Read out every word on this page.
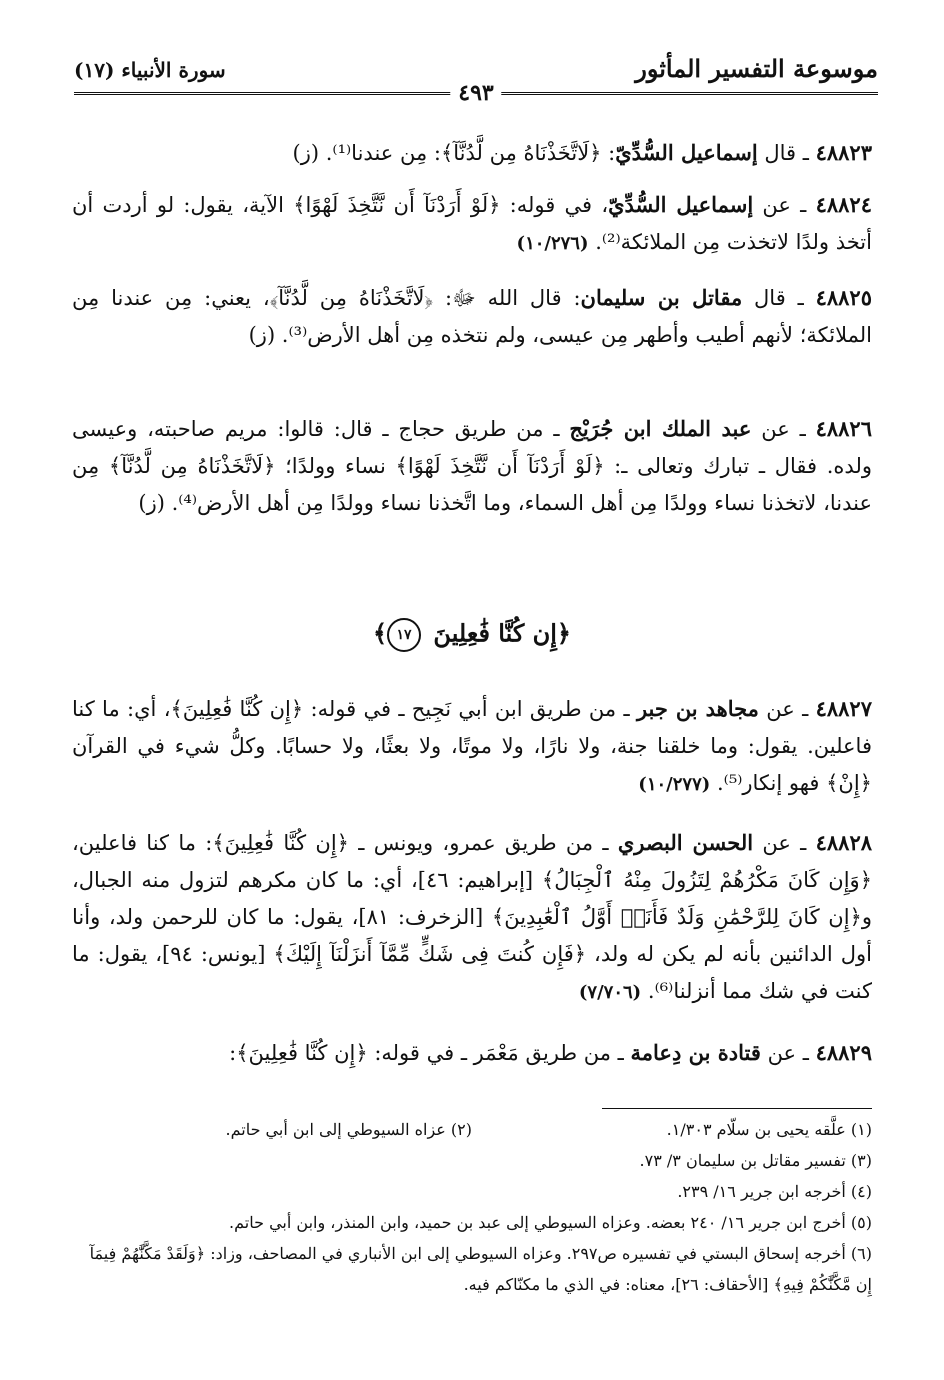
موسوعة التفسير المأثور
٤٩٣
سورة الأنبياء (١٧)
٤٨٨٢٣ ـ قال إسماعيل السُّدِّيّ: ﴿لَاتَّخَذْنَاهُ مِن لَّدُنَّآ﴾: مِن عندنا⁽¹⁾. (ز)
٤٨٨٢٤ ـ عن إسماعيل السُّدِّيّ، في قوله: ﴿لَوْ أَرَدْنَآ أَن نَّتَّخِذَ لَهْوًا﴾ الآية، يقول: لو أردت أن أتخذ ولدًا لاتخذت مِن الملائكة⁽²⁾. (١٠/٢٧٦)
٤٨٨٢٥ ـ قال مقاتل بن سليمان: قال الله ﷻ: ﴿لَاتَّخَذْنَاهُ مِن لَّدُنَّآ﴾، يعني: مِن عندنا مِن الملائكة؛ لأنهم أطيب وأطهر مِن عيسى، ولم نتخذه مِن أهل الأرض⁽³⁾. (ز)
٤٨٨٢٦ ـ عن عبد الملك ابن جُرَيْج ـ من طريق حجاج ـ قال: قالوا: مريم صاحبته، وعيسى ولده. فقال ـ تبارك وتعالى ـ: ﴿لَوْ أَرَدْنَآ أَن نَّتَّخِذَ لَهْوًا﴾ نساء وولدًا؛ ﴿لَاتَّخَذْنَاهُ مِن لَّدُنَّآ﴾ مِن عندنا، لاتخذنا نساء وولدًا مِن أهل السماء، وما اتَّخذنا نساء وولدًا مِن أهل الأرض⁽⁴⁾. (ز)
﴿إِن كُنَّا فَٰعِلِينَ ١٧﴾
٤٨٨٢٧ ـ عن مجاهد بن جبر ـ من طريق ابن أبي نَجِيح ـ في قوله: ﴿إِن كُنَّا فَٰعِلِينَ﴾، أي: ما كنا فاعلين. يقول: وما خلقنا جنة، ولا نارًا، ولا موتًا، ولا بعثًا، ولا حسابًا. وكلُّ شيء في القرآن ﴿إِنْ﴾ فهو إنكار⁽⁵⁾. (١٠/٢٧٧)
٤٨٨٢٨ ـ عن الحسن البصري ـ من طريق عمرو، ويونس ـ ﴿إِن كُنَّا فَٰعِلِينَ﴾: ما كنا فاعلين، ﴿وَإِن كَانَ مَكْرُهُمْ لِتَزُولَ مِنْهُ ٱلْجِبَالُ﴾ [إبراهيم: ٤٦]، أي: ما كان مكرهم لتزول منه الجبال، و﴿إِن كَانَ لِلرَّحْمَٰنِ وَلَدٌ فَأَنَا۠ أَوَّلُ ٱلْعَٰبِدِينَ﴾ [الزخرف: ٨١]، يقول: ما كان للرحمن ولد، وأنا أول الدائنين بأنه لم يكن له ولد، ﴿فَإِن كُنتَ فِى شَكٍّ مِّمَّآ أَنزَلْنَآ إِلَيْكَ﴾ [يونس: ٩٤]، يقول: ما كنت في شك مما أنزلنا⁽⁶⁾. (٧/٧٠٦)
٤٨٨٢٩ ـ عن قتادة بن دِعامة ـ من طريق مَعْمَر ـ في قوله: ﴿إِن كُنَّا فَٰعِلِينَ﴾:
(١) علَّقه يحيى بن سلّام ١/٣٠٣.
(٢) عزاه السيوطي إلى ابن أبي حاتم.
(٣) تفسير مقاتل بن سليمان ٣/ ٧٣.
(٤) أخرجه ابن جرير ١٦/ ٢٣٩.
(٥) أخرج ابن جرير ١٦/ ٢٤٠ بعضه. وعزاه السيوطي إلى عبد بن حميد، وابن المنذر، وابن أبي حاتم.
(٦) أخرجه إسحاق البستي في تفسيره ص٢٩٧. وعزاه السيوطي إلى ابن الأنباري في المصاحف، وزاد: ﴿وَلَقَدْ مَكَّنَّٰهُمْ فِيمَآ إِن مَّكَّنَّٰكُمْ فِيهِ﴾ [الأحقاف: ٢٦]، معناه: في الذي ما مكنّاكم فيه.
